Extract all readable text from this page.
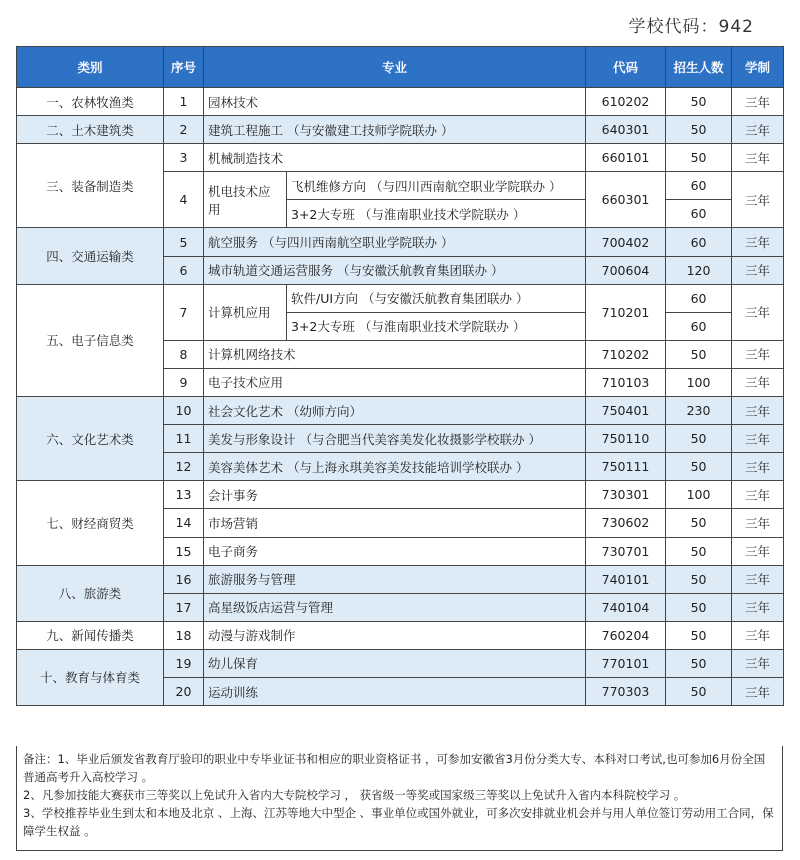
学校代码：942
类别	序号	专业		代码	招生人数	学制
一、农林牧渔类	1	园林技术		610202	50	三年
二、土木建筑类	2	建筑工程施工 （与安徽建工技师学院联办 ）		640301	50	三年
三、装备制造类	3	机械制造技术		660101	50	三年
	4	机电技术应用	飞机维修方向 （与四川西南航空职业学院联办 ）	660301	60	三年
			3+2大专班 （与淮南职业技术学院联办 ）		60	
四、交通运输类	5	航空服务 （与四川西南航空职业学院联办 ）		700402	60	三年
	6	城市轨道交通运营服务 （与安徽沃航教育集团联办 ）		700604	120	三年
五、电子信息类	7	计算机应用	软件/UI方向 （与安徽沃航教育集团联办 ）	710201	60	三年
			3+2大专班 （与淮南职业技术学院联办 ）		60	
	8	计算机网络技术		710202	50	三年
	9	电子技术应用		710103	100	三年
六、文化艺术类	10	社会文化艺术 （幼师方向）		750401	230	三年
	11	美发与形象设计 （与合肥当代美容美发化妆摄影学校联办 ）		750110	50	三年
	12	美容美体艺术 （与上海永琪美容美发技能培训学校联办 ）		750111	50	三年
七、财经商贸类	13	会计事务		730301	100	三年
	14	市场营销		730602	50	三年
	15	电子商务		730701	50	三年
八、旅游类	16	旅游服务与管理		740101	50	三年
	17	高星级饭店运营与管理		740104	50	三年
九、新闻传播类	18	动漫与游戏制作		760204	50	三年
十、教育与体育类	19	幼儿保育		770101	50	三年
	20	运动训练		770303	50	三年

备注：1、毕业后颁发省教育厅验印的职业中专毕业证书和相应的职业资格证书 ，可参加安徽省3月份分类大专、本科对口考试,也可参加6月份全国普通高考升入高校学习 。

2、凡参加技能大赛获市三等奖以上免试升入省内大专院校学习 ， 获省级一等奖或国家级三等奖以上免试升入省内本科院校学习 。

3、学校推荐毕业生到太和本地及北京 、上海、江苏等地大中型企 、事业单位或国外就业，可多次安排就业机会并与用人单位签订劳动用工合同，保障学生权益 。
